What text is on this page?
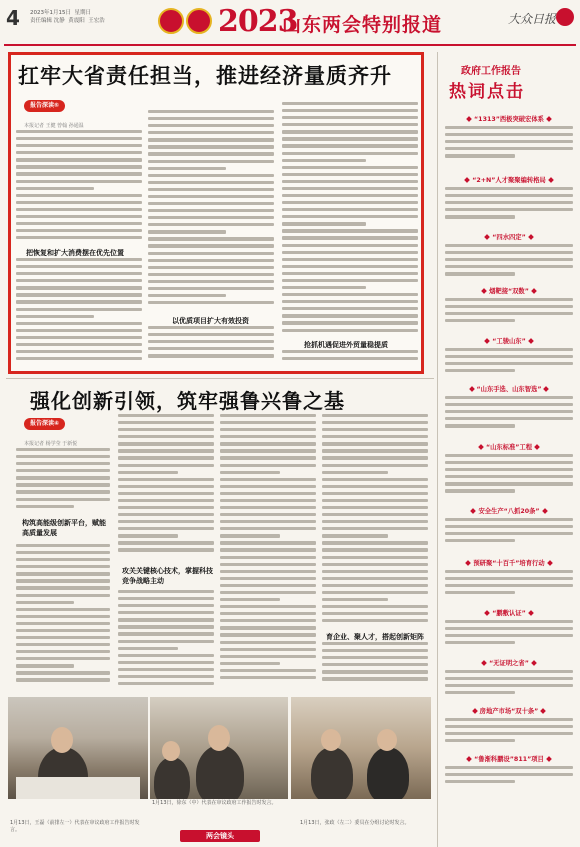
4 2023年1月15日  星期日
责任编辑 沈静  黄震阳  王宏浩	2023
山东两会特别报道	大众日报
扛牢大省责任担当，推进经济量质齐升
报告深读⑤
本报记者 王健 曾翰 孙通温
把恢复和扩大消费摆在优先位置
以优质项目扩大有效投资
抢抓机遇促进外贸量稳提质
政府工作报告
热词点击
“1313”西极突破宏体系
“2+N”人才聚聚编转格局
“四水四定”
烟靶接“双数”
“工骏山东”
“山东手选、山东智选”
“山东标准”工程
安全生产“八抓20条”
预研聚“十百千”培育行动
“鹏敷认证”
“无证明之省”
房地产市场“双十条”
“鲁渐科鹏设”811”项目
强化创新引领，筑牢强鲁兴鲁之基
报告深读④
本报记者 杨学莹 于新悦
构筑高能级创新平台，赋能高质量发展
攻关关键核心技术，掌握科技竞争战略主动
育企业、聚人才，搭起创新矩阵
1月13日，王磊（前排左一）代表在审议政府工作报告时发言。
1月13日，张政（左二）委员在分组讨论时发言。
1月13日，徐东（中）代表在审议政府工作报告时发言。
两会镜头
